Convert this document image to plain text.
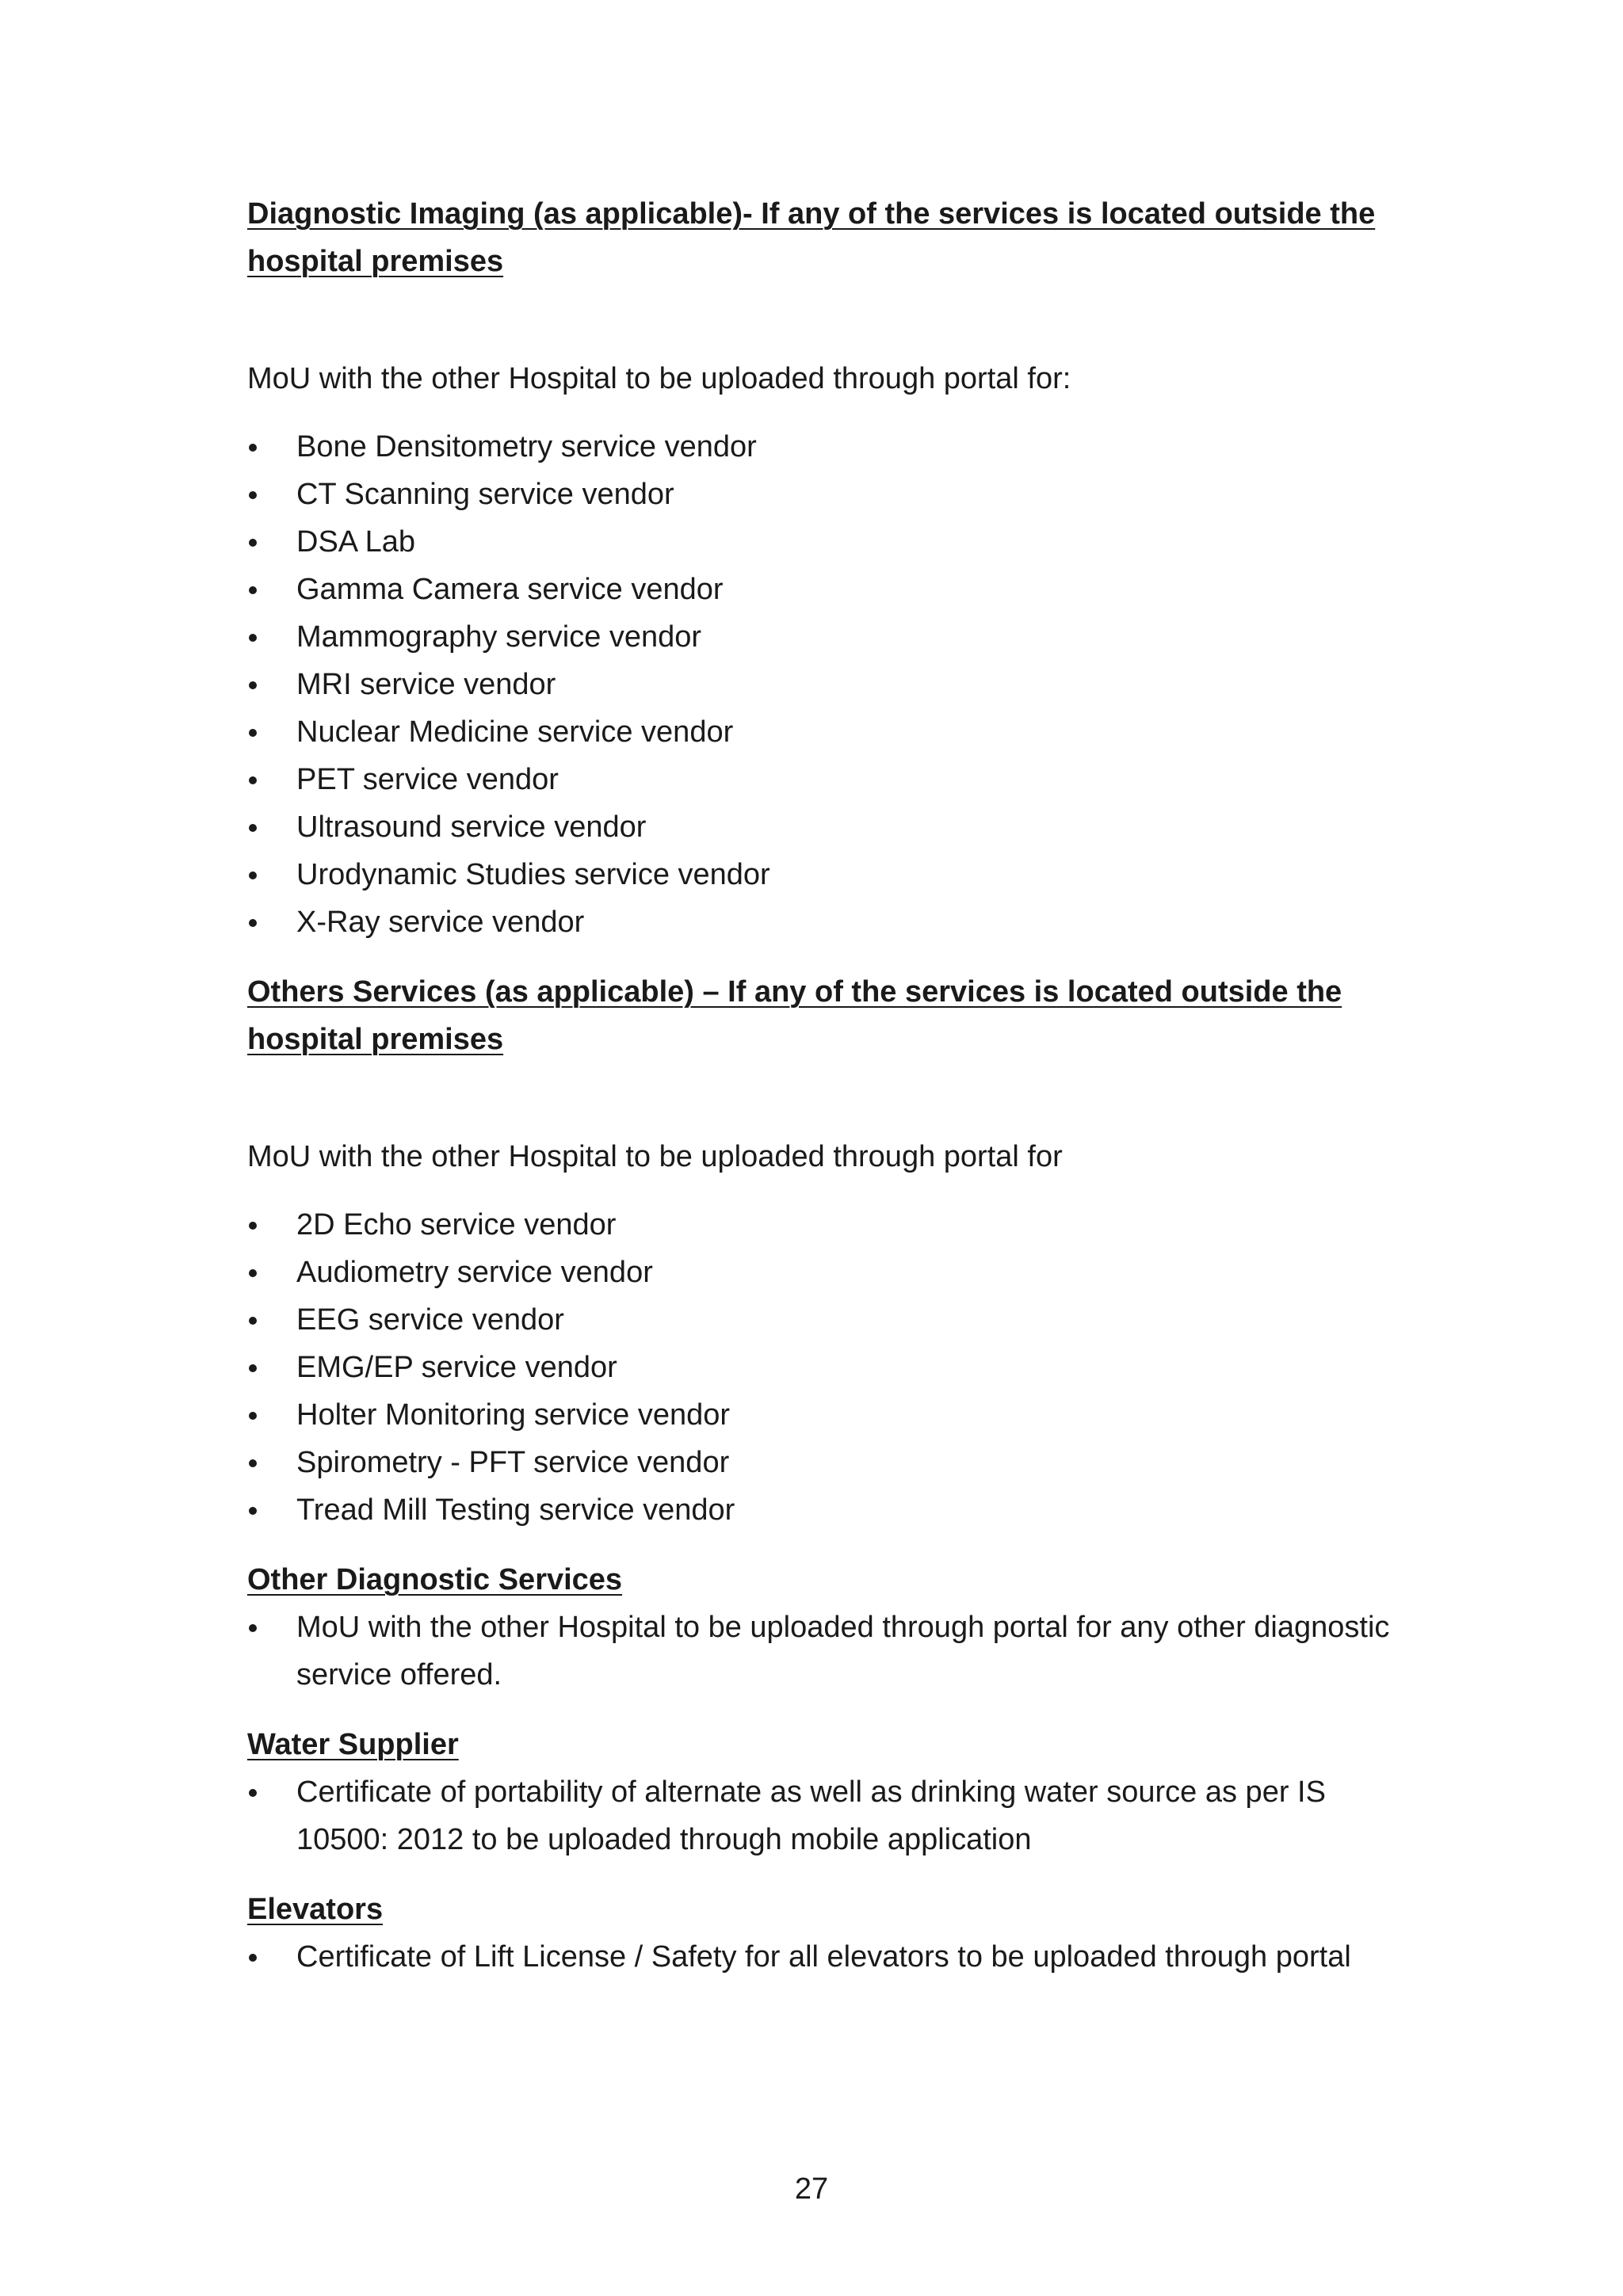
Diagnostic Imaging (as applicable)- If any of the services is located outside the hospital premises

MoU with the other Hospital to be uploaded through portal for:

Bone Densitometry service vendor
CT Scanning service vendor
DSA Lab
Gamma Camera service vendor
Mammography service vendor
MRI service vendor
Nuclear Medicine service vendor
PET service vendor
Ultrasound service vendor
Urodynamic Studies service vendor
X-Ray service vendor

Others Services (as applicable) – If any of the services is located outside the hospital premises

MoU with the other Hospital to be uploaded through portal for

2D Echo service vendor
Audiometry service vendor
EEG service vendor
EMG/EP service vendor
Holter Monitoring service vendor
Spirometry - PFT service vendor
Tread Mill Testing service vendor

Other Diagnostic Services

MoU with the other Hospital to be uploaded through portal for any other diagnostic service offered.

Water Supplier

Certificate of portability of alternate as well as drinking water source as per IS 10500: 2012 to be uploaded through mobile application

Elevators

Certificate of Lift License / Safety for all elevators to be uploaded through portal
27
